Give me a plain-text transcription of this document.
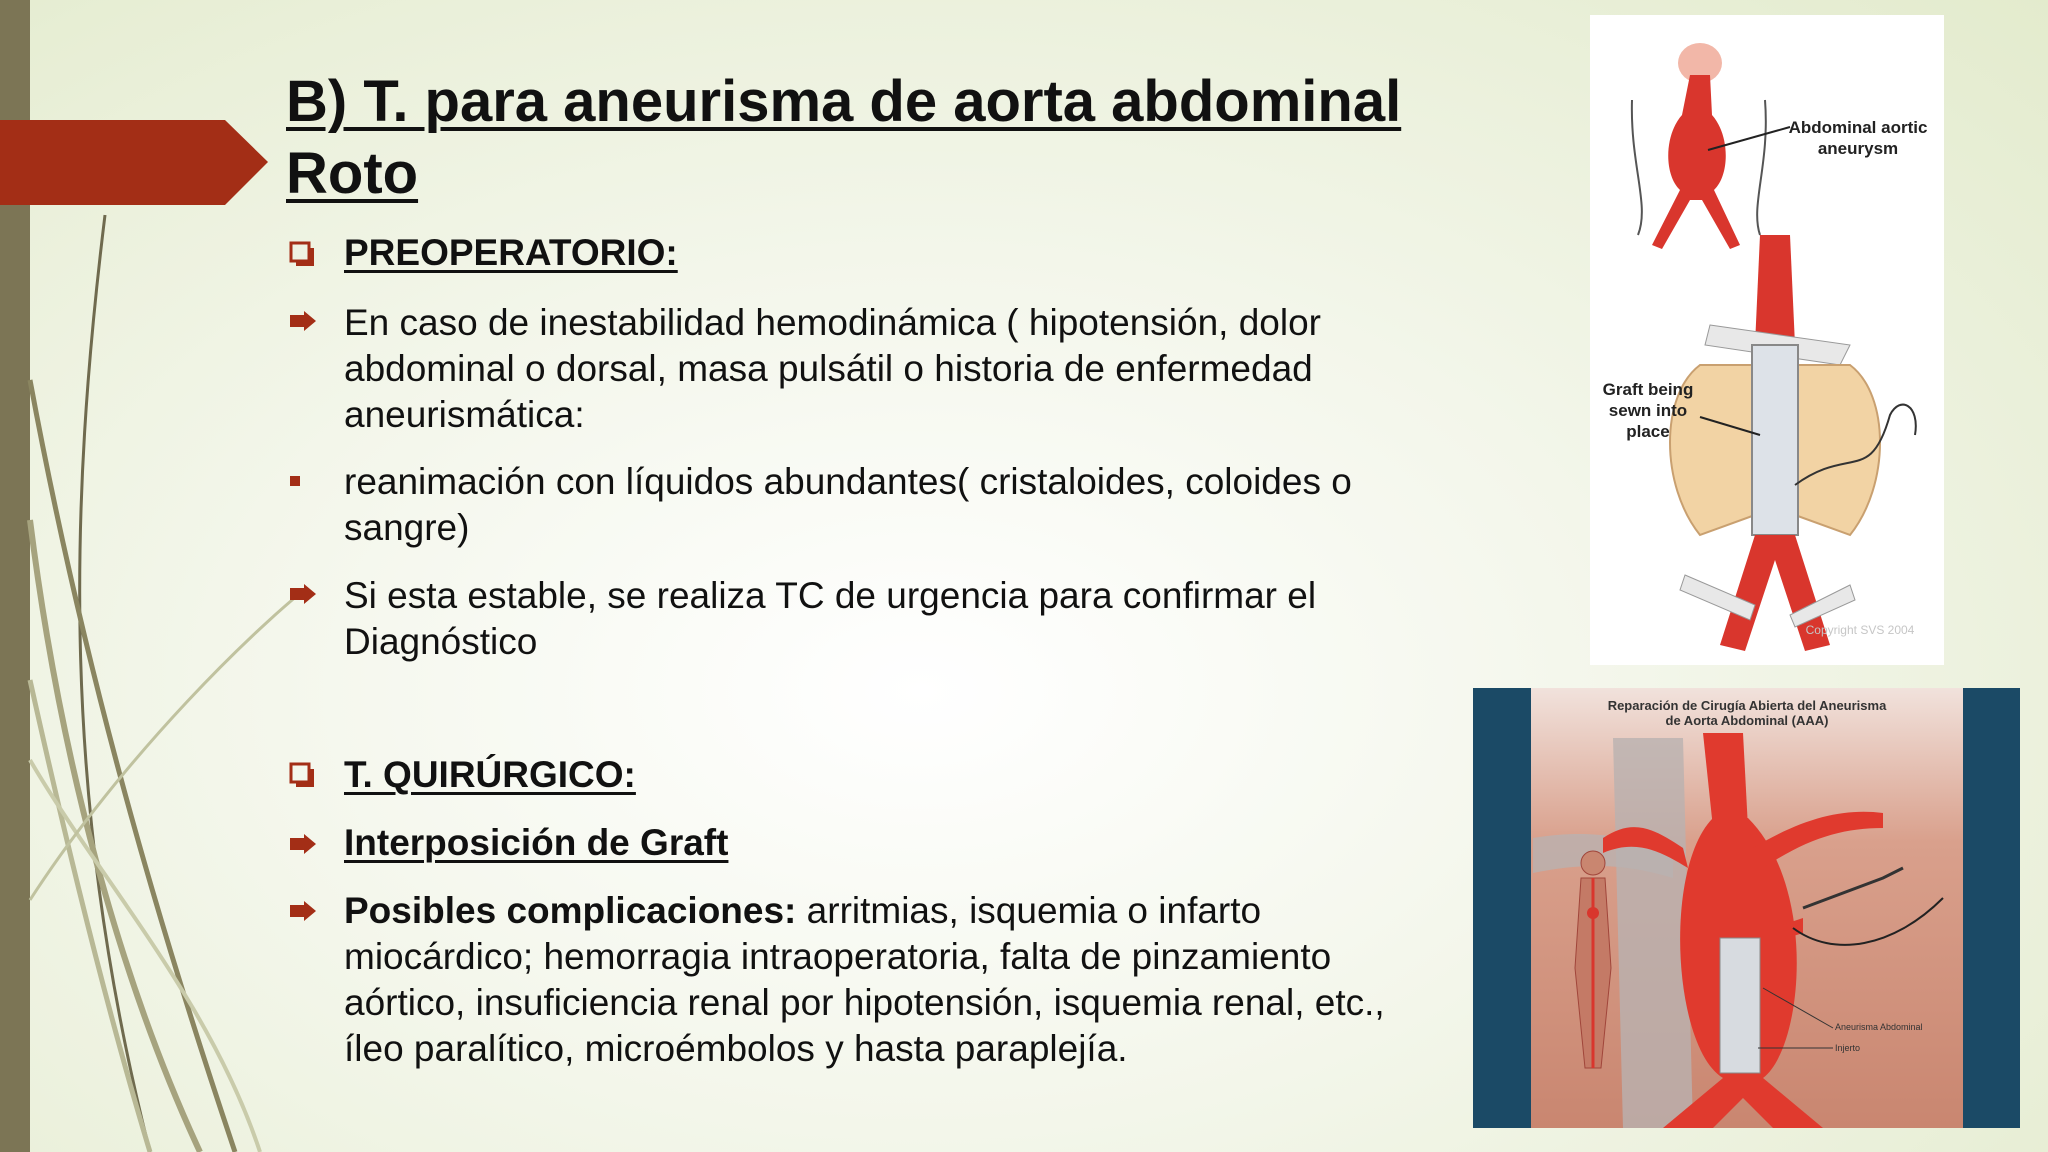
B) T. para aneurisma de aorta abdominal
Roto
PREOPERATORIO:
En caso de inestabilidad hemodinámica ( hipotensión, dolor
abdominal o dorsal, masa pulsátil o historia de enfermedad
aneurismática:
reanimación con líquidos abundantes( cristaloides, coloides o
sangre)
Si esta estable, se realiza TC de urgencia para confirmar el
Diagnóstico
T. QUIRÚRGICO:
Interposición de Graft
Posibles complicaciones: arritmias, isquemia o infarto
miocárdico; hemorragia intraoperatoria, falta de pinzamiento
aórtico, insuficiencia renal por hipotensión, isquemia renal, etc.,
íleo paralítico, microémbolos y hasta paraplejía.
Abdominal aortic
aneurysm
Graft being
sewn into
place
Copyright SVS 2004
Reparación de Cirugía Abierta del Aneurisma
de Aorta Abdominal (AAA)
Aneurisma Abdominal
Injerto
